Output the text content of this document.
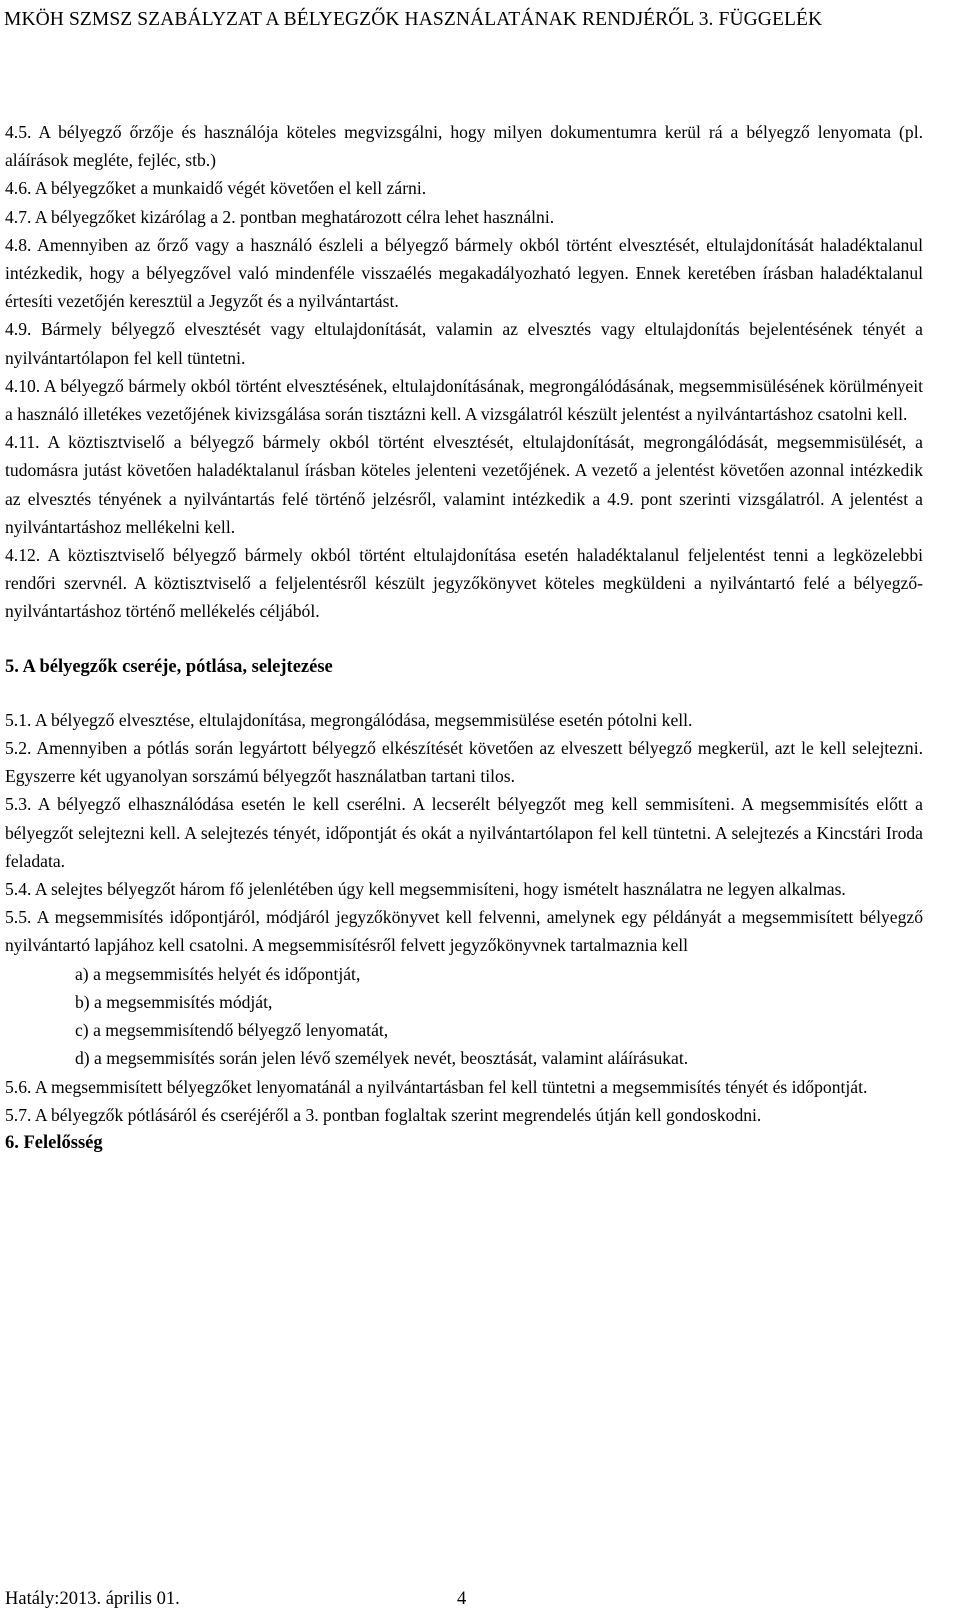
MKÖH SZMSZ SZABÁLYZAT A BÉLYEGZŐK HASZNÁLATÁNAK RENDJÉRŐL 3. FÜGGELÉK

4.5. A bélyegző őrzője és használója köteles megvizsgálni, hogy milyen dokumentumra kerül rá a bélyegző lenyomata (pl. aláírások megléte, fejléc, stb.)

4.6. A bélyegzőket a munkaidő végét követően el kell zárni.

4.7. A bélyegzőket kizárólag a 2. pontban meghatározott célra lehet használni.

4.8. Amennyiben az őrző vagy a használó észleli a bélyegző bármely okból történt elvesztését, eltulajdonítását haladéktalanul intézkedik, hogy a bélyegzővel való mindenféle visszaélés megakadályozható legyen. Ennek keretében írásban haladéktalanul értesíti vezetőjén keresztül a Jegyzőt és a nyilvántartást.

4.9. Bármely bélyegző elvesztését vagy eltulajdonítását, valamin az elvesztés vagy eltulajdonítás bejelentésének tényét a nyilvántartólapon fel kell tüntetni.

4.10. A bélyegző bármely okból történt elvesztésének, eltulajdonításának, megrongálódásának, megsemmisülésének körülményeit a használó illetékes vezetőjének kivizsgálása során tisztázni kell. A vizsgálatról készült jelentést a nyilvántartáshoz csatolni kell.

4.11. A köztisztviselő a bélyegző bármely okból történt elvesztését, eltulajdonítását, megrongálódását, megsemmisülését, a tudomásra jutást követően haladéktalanul írásban köteles jelenteni vezetőjének. A vezető a jelentést követően azonnal intézkedik az elvesztés tényének a nyilvántartás felé történő jelzésről, valamint intézkedik a 4.9. pont szerinti vizsgálatról. A jelentést a nyilvántartáshoz mellékelni kell.

4.12. A köztisztviselő bélyegző bármely okból történt eltulajdonítása esetén haladéktalanul feljelentést tenni a legközelebbi rendőri szervnél. A köztisztviselő a feljelentésről készült jegyzőkönyvet köteles megküldeni a nyilvántartó felé a bélyegző-nyilvántartáshoz történő mellékelés céljából.

5. A bélyegzők cseréje, pótlása, selejtezése

5.1. A bélyegző elvesztése, eltulajdonítása, megrongálódása, megsemmisülése esetén pótolni kell.

5.2. Amennyiben a pótlás során legyártott bélyegző elkészítését követően az elveszett bélyegző megkerül, azt le kell selejtezni. Egyszerre két ugyanolyan sorszámú bélyegzőt használatban tartani tilos.

5.3. A bélyegző elhasználódása esetén le kell cserélni. A lecserélt bélyegzőt meg kell semmisíteni. A megsemmisítés előtt a bélyegzőt selejtezni kell. A selejtezés tényét, időpontját és okát a nyilvántartólapon fel kell tüntetni. A selejtezés a Kincstári Iroda feladata.

5.4. A selejtes bélyegzőt három fő jelenlétében úgy kell megsemmisíteni, hogy ismételt használatra ne legyen alkalmas.

5.5. A megsemmisítés időpontjáról, módjáról jegyzőkönyvet kell felvenni, amelynek egy példányát a megsemmisített bélyegző nyilvántartó lapjához kell csatolni. A megsemmisítésről felvett jegyzőkönyvnek tartalmaznia kell

a) a megsemmisítés helyét és időpontját,

b) a megsemmisítés módját,

c) a megsemmisítendő bélyegző lenyomatát,

d) a megsemmisítés során jelen lévő személyek nevét, beosztását, valamint aláírásukat.

5.6. A megsemmisített bélyegzőket lenyomatánál a nyilvántartásban fel kell tüntetni a megsemmisítés tényét és időpontját.

5.7. A bélyegzők pótlásáról és cseréjéről a 3. pontban foglaltak szerint megrendelés útján kell gondoskodni.

6. Felelősség

Hatály:2013. április 01.	4
